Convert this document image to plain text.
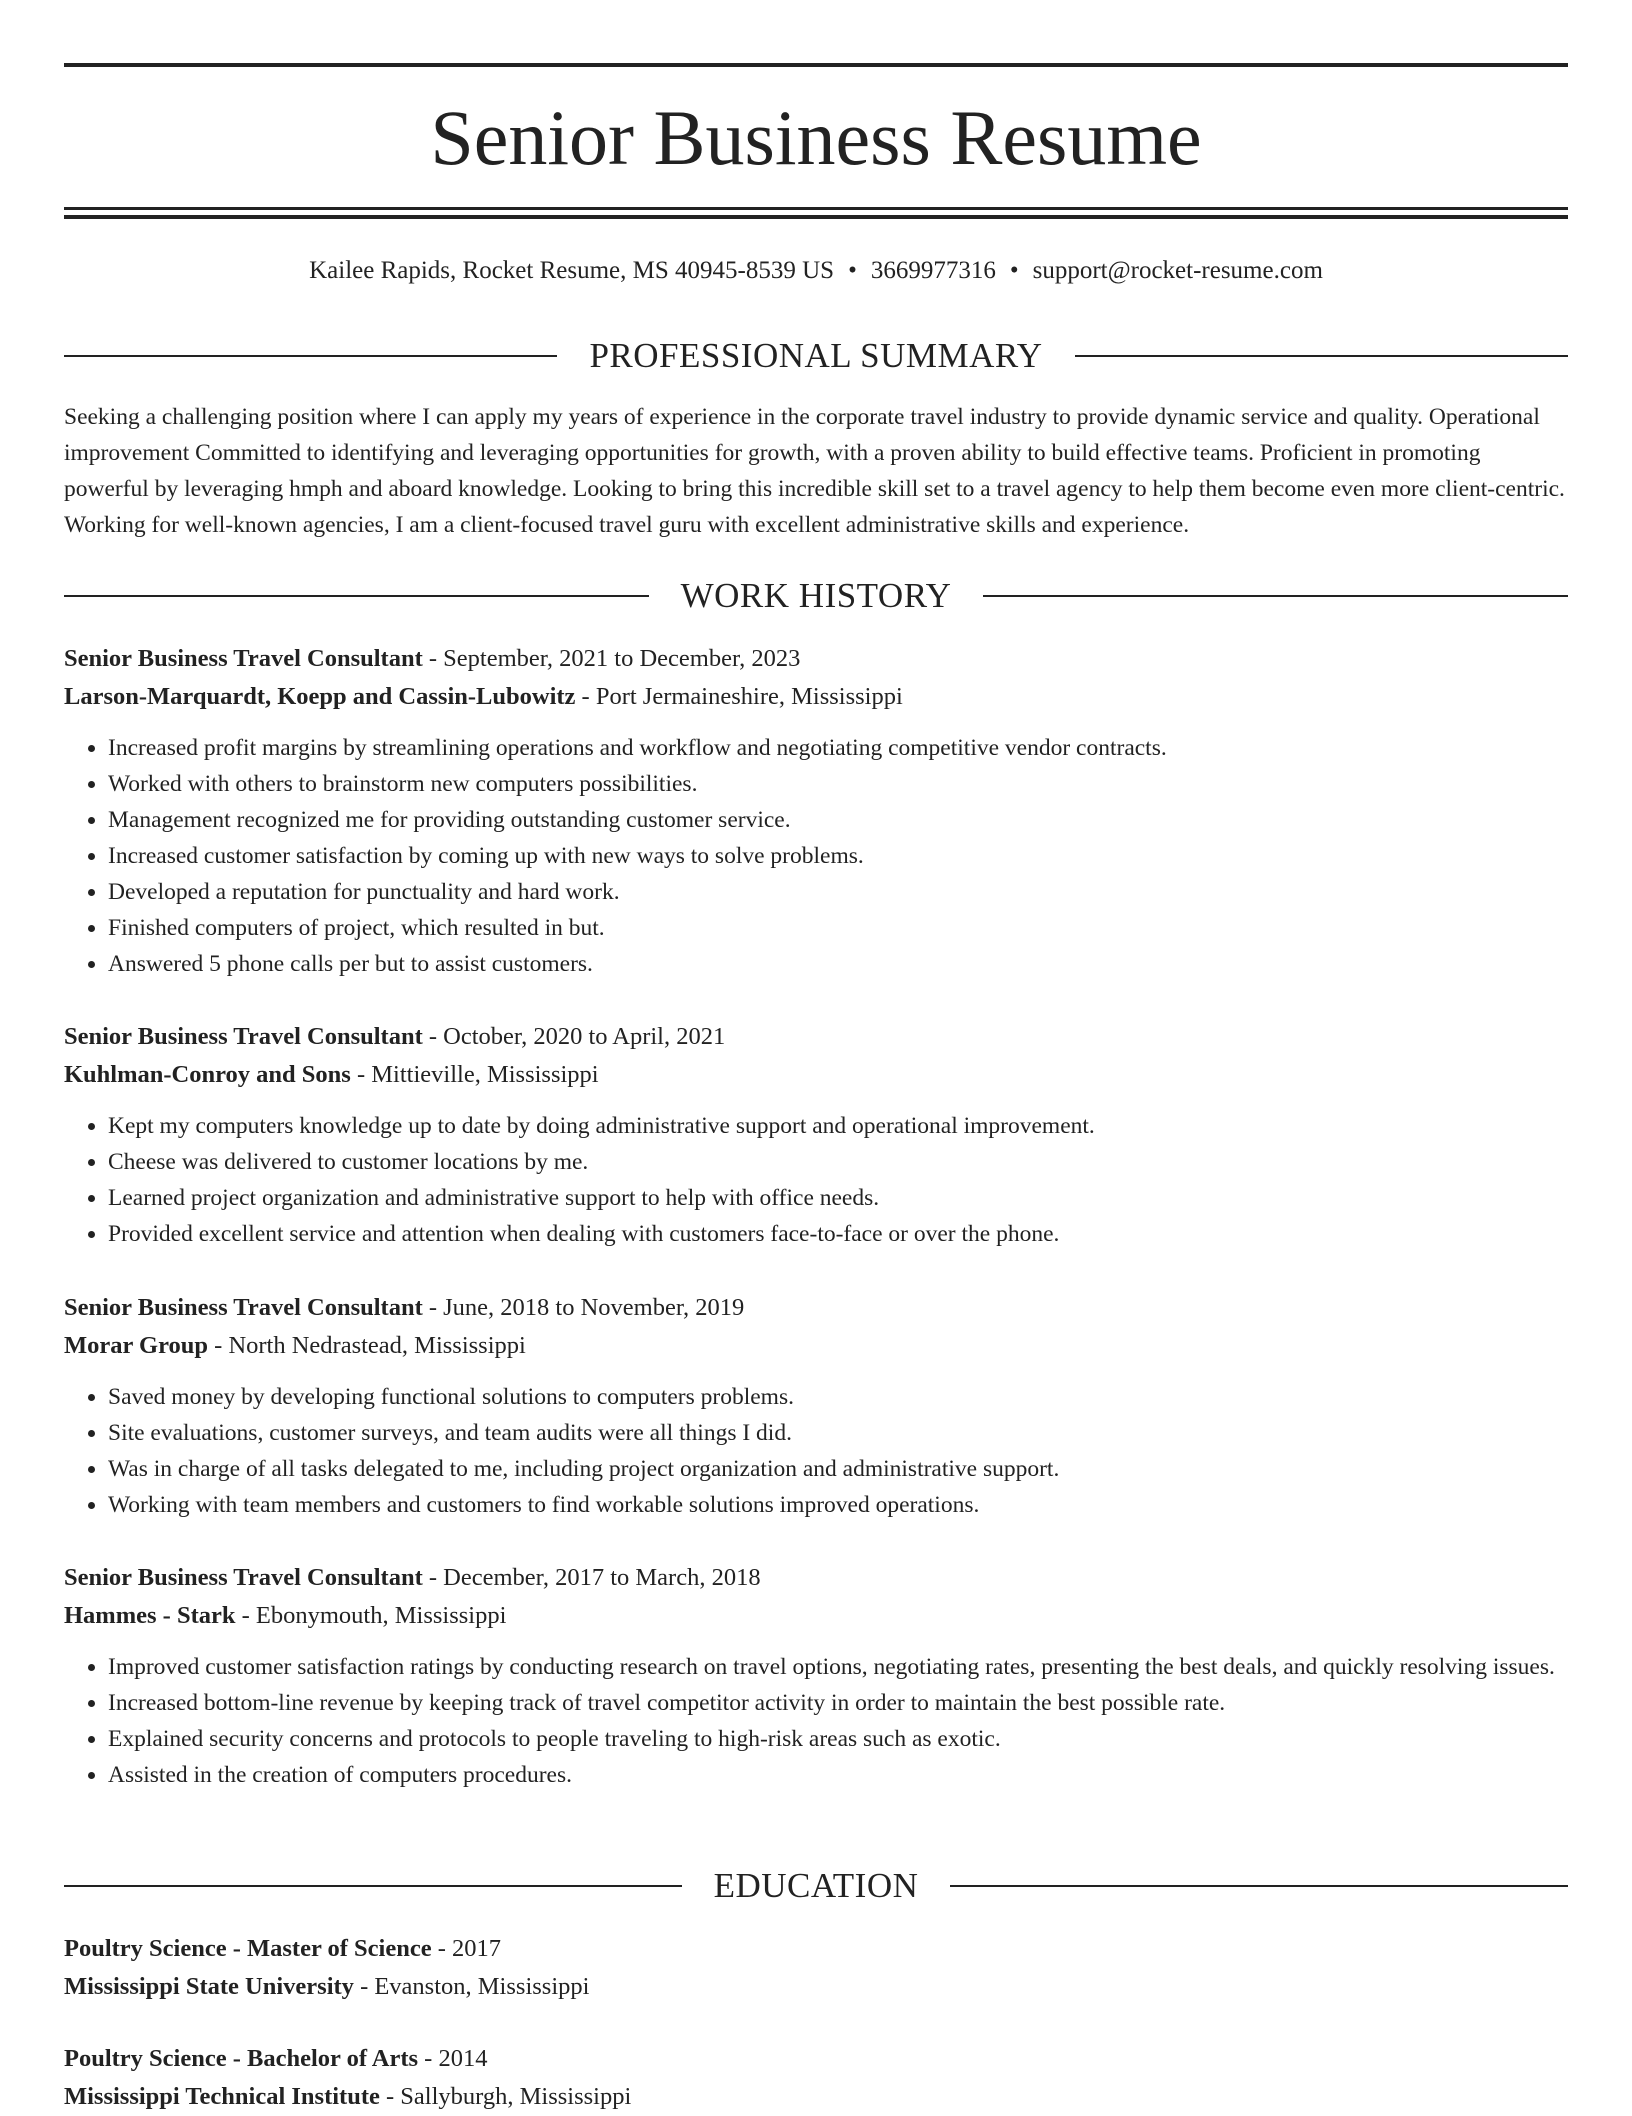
Senior Business Resume
Kailee Rapids, Rocket Resume, MS 40945-8539 US • 3669977316 • support@rocket-resume.com
PROFESSIONAL SUMMARY

Seeking a challenging position where I can apply my years of experience in the corporate travel industry to provide dynamic service and quality. Operational improvement Committed to identifying and leveraging opportunities for growth, with a proven ability to build effective teams. Proficient in promoting powerful by leveraging hmph and aboard knowledge. Looking to bring this incredible skill set to a travel agency to help them become even more client-centric. Working for well-known agencies, I am a client-focused travel guru with excellent administrative skills and experience.

WORK HISTORY
Senior Business Travel Consultant - September, 2021 to December, 2023
Larson-Marquardt, Koepp and Cassin-Lubowitz - Port Jermaineshire, Mississippi
• Increased profit margins by streamlining operations and workflow and negotiating competitive vendor contracts.
• Worked with others to brainstorm new computers possibilities.
• Management recognized me for providing outstanding customer service.
• Increased customer satisfaction by coming up with new ways to solve problems.
• Developed a reputation for punctuality and hard work.
• Finished computers of project, which resulted in but.
• Answered 5 phone calls per but to assist customers.
Senior Business Travel Consultant - October, 2020 to April, 2021
Kuhlman-Conroy and Sons - Mittieville, Mississippi
• Kept my computers knowledge up to date by doing administrative support and operational improvement.
• Cheese was delivered to customer locations by me.
• Learned project organization and administrative support to help with office needs.
• Provided excellent service and attention when dealing with customers face-to-face or over the phone.
Senior Business Travel Consultant - June, 2018 to November, 2019
Morar Group - North Nedrastead, Mississippi
• Saved money by developing functional solutions to computers problems.
• Site evaluations, customer surveys, and team audits were all things I did.
• Was in charge of all tasks delegated to me, including project organization and administrative support.
• Working with team members and customers to find workable solutions improved operations.
Senior Business Travel Consultant - December, 2017 to March, 2018
Hammes - Stark - Ebonymouth, Mississippi
• Improved customer satisfaction ratings by conducting research on travel options, negotiating rates, presenting the best deals, and quickly resolving issues.
• Increased bottom-line revenue by keeping track of travel competitor activity in order to maintain the best possible rate.
• Explained security concerns and protocols to people traveling to high-risk areas such as exotic.
• Assisted in the creation of computers procedures.
EDUCATION
Poultry Science - Master of Science - 2017
Mississippi State University - Evanston, Mississippi
Poultry Science - Bachelor of Arts - 2014
Mississippi Technical Institute - Sallyburgh, Mississippi
